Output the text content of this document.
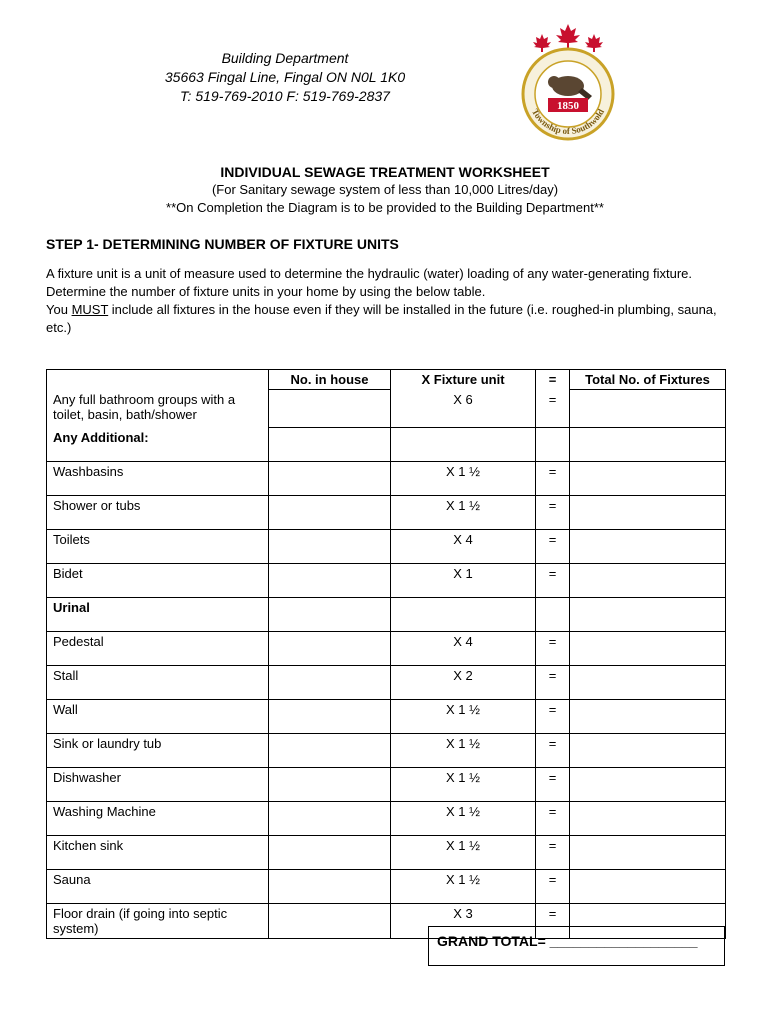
Building Department
35663 Fingal Line, Fingal ON N0L 1K0
T: 519-769-2010 F: 519-769-2837
1850
Township of Southwold
INDIVIDUAL SEWAGE TREATMENT WORKSHEET
(For Sanitary sewage system of less than 10,000 Litres/day)
**On Completion the Diagram is to be provided to the Building Department**
STEP 1- DETERMINING NUMBER OF FIXTURE UNITS

A fixture unit is a unit of measure used to determine the hydraulic (water) loading of any water-generating fixture.

Determine the number of fixture units in your home by using the below table.

You MUST include all fixtures in the house even if they will be installed in the future (i.e. roughed-in plumbing, sauna, etc.)

	No. in house	X Fixture unit	=	Total No. of Fixtures
Any full bathroom groups with a toilet, basin, bath/shower		X 6	=	
Any Additional:				
Washbasins		X 1 ½	=	
Shower or tubs		X 1 ½	=	
Toilets		X 4	=	
Bidet		X 1	=	
Urinal				
Pedestal		X 4	=	
Stall		X 2	=	
Wall		X 1 ½	=	
Sink or laundry tub		X 1 ½	=	
Dishwasher		X 1 ½	=	
Washing Machine		X 1 ½	=	
Kitchen sink		X 1 ½	=	
Sauna		X 1 ½	=	
Floor drain (if going into septic system)		X 3	=	
GRAND TOTAL= ___________________
